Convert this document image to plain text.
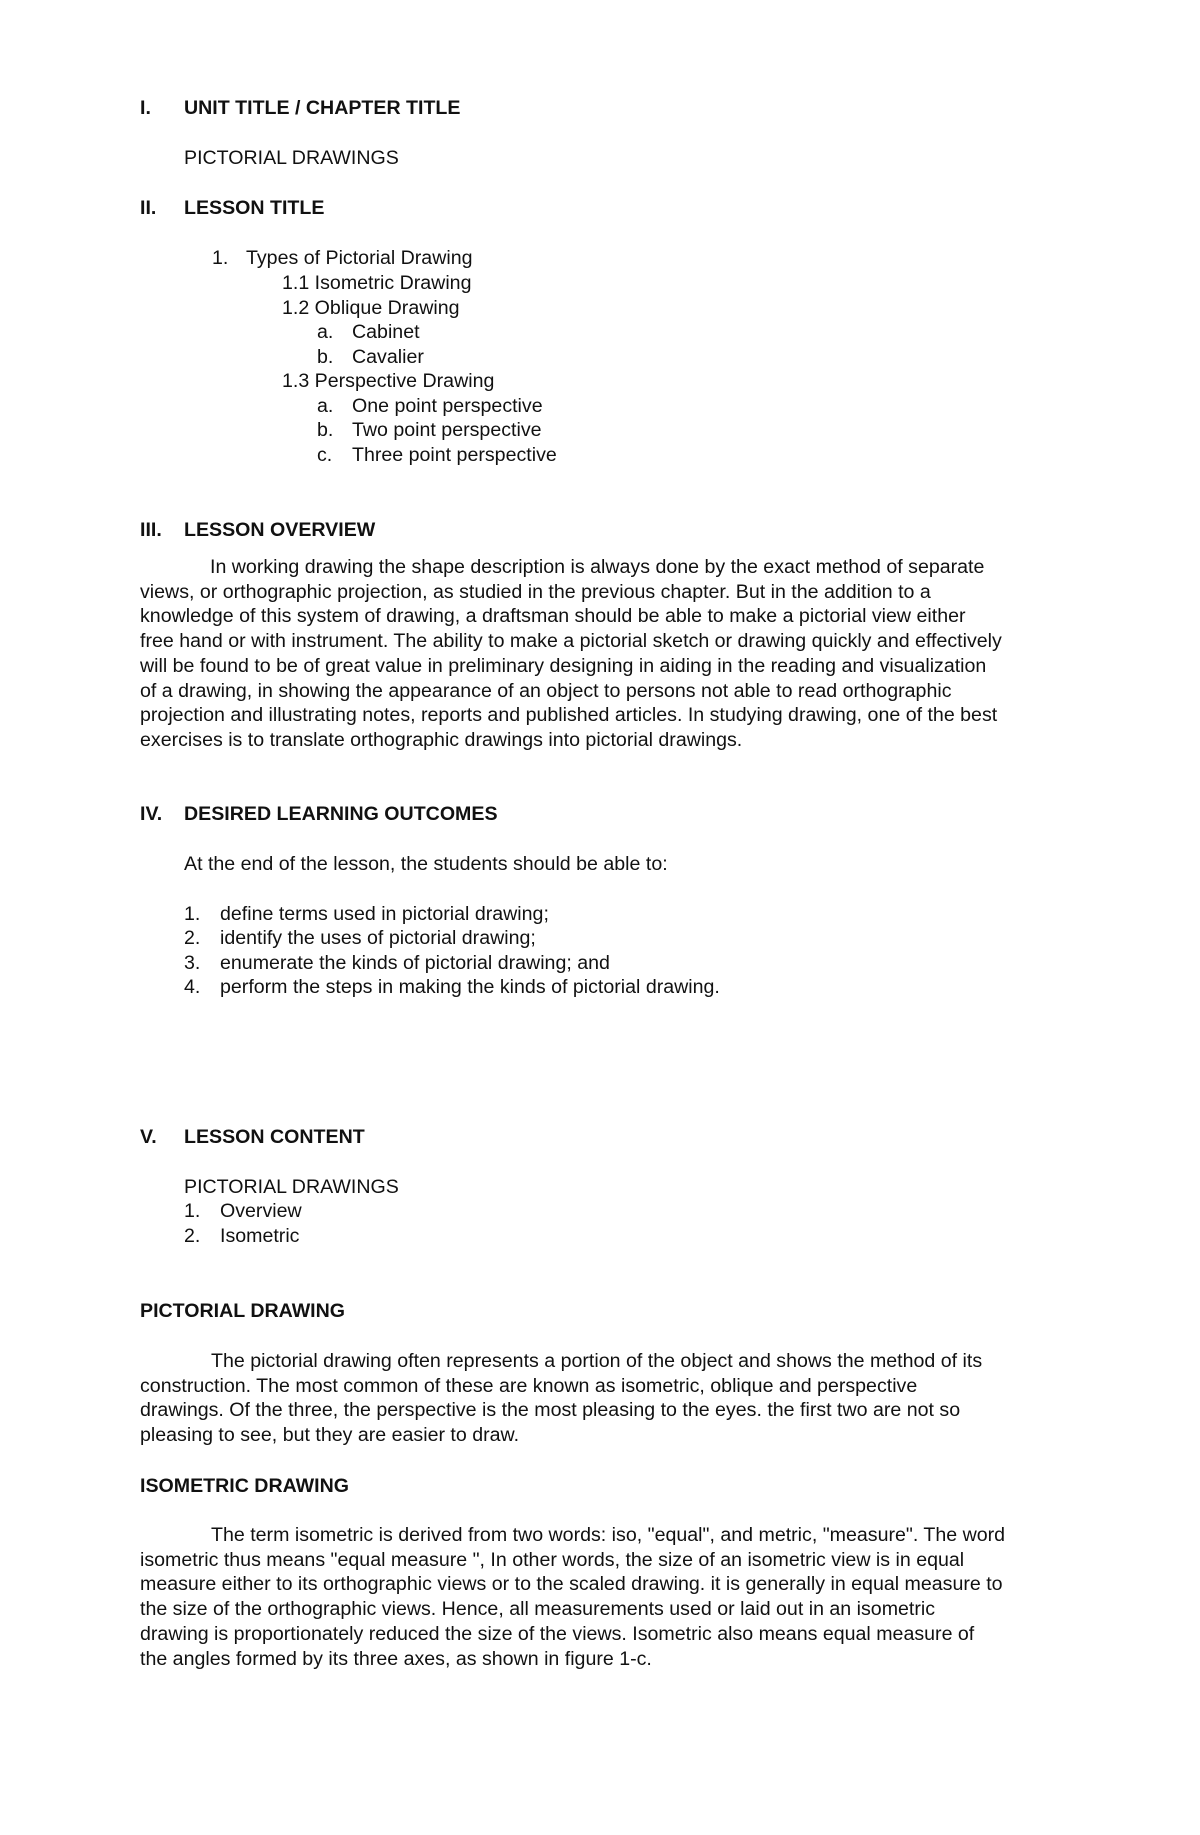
I. UNIT TITLE / CHAPTER TITLE
PICTORIAL DRAWINGS
II. LESSON TITLE
1. Types of Pictorial Drawing
1.1 Isometric Drawing
1.2 Oblique Drawing
a. Cabinet
b. Cavalier
1.3 Perspective Drawing
a. One point perspective
b. Two point perspective
c. Three point perspective
III. LESSON OVERVIEW
In working drawing the shape description is always done by the exact method of separate
views, or orthographic projection, as studied in the previous chapter. But in the addition to a
knowledge of this system of drawing, a draftsman should be able to make a pictorial view either
free hand or with instrument. The ability to make a pictorial sketch or drawing quickly and effectively
will be found to be of great value in preliminary designing in aiding in the reading and visualization
of a drawing, in showing the appearance of an object to persons not able to read orthographic
projection and illustrating notes, reports and published articles. In studying drawing, one of the best
exercises is to translate orthographic drawings into pictorial drawings.
IV. DESIRED LEARNING OUTCOMES
At the end of the lesson, the students should be able to:
1. define terms used in pictorial drawing;
2. identify the uses of pictorial drawing;
3. enumerate the kinds of pictorial drawing; and
4. perform the steps in making the kinds of pictorial drawing.
V. LESSON CONTENT
PICTORIAL DRAWINGS
1. Overview
2. Isometric
PICTORIAL DRAWING
The pictorial drawing often represents a portion of the object and shows the method of its
construction. The most common of these are known as isometric, oblique and perspective
drawings. Of the three, the perspective is the most pleasing to the eyes. the first two are not so
pleasing to see, but they are easier to draw.
ISOMETRIC DRAWING
The term isometric is derived from two words: iso, "equal", and metric, "measure". The word
isometric thus means "equal measure ", In other words, the size of an isometric view is in equal
measure either to its orthographic views or to the scaled drawing. it is generally in equal measure to
the size of the orthographic views. Hence, all measurements used or laid out in an isometric
drawing is proportionately reduced the size of the views. Isometric also means equal measure of
the angles formed by its three axes, as shown in figure 1-c.
